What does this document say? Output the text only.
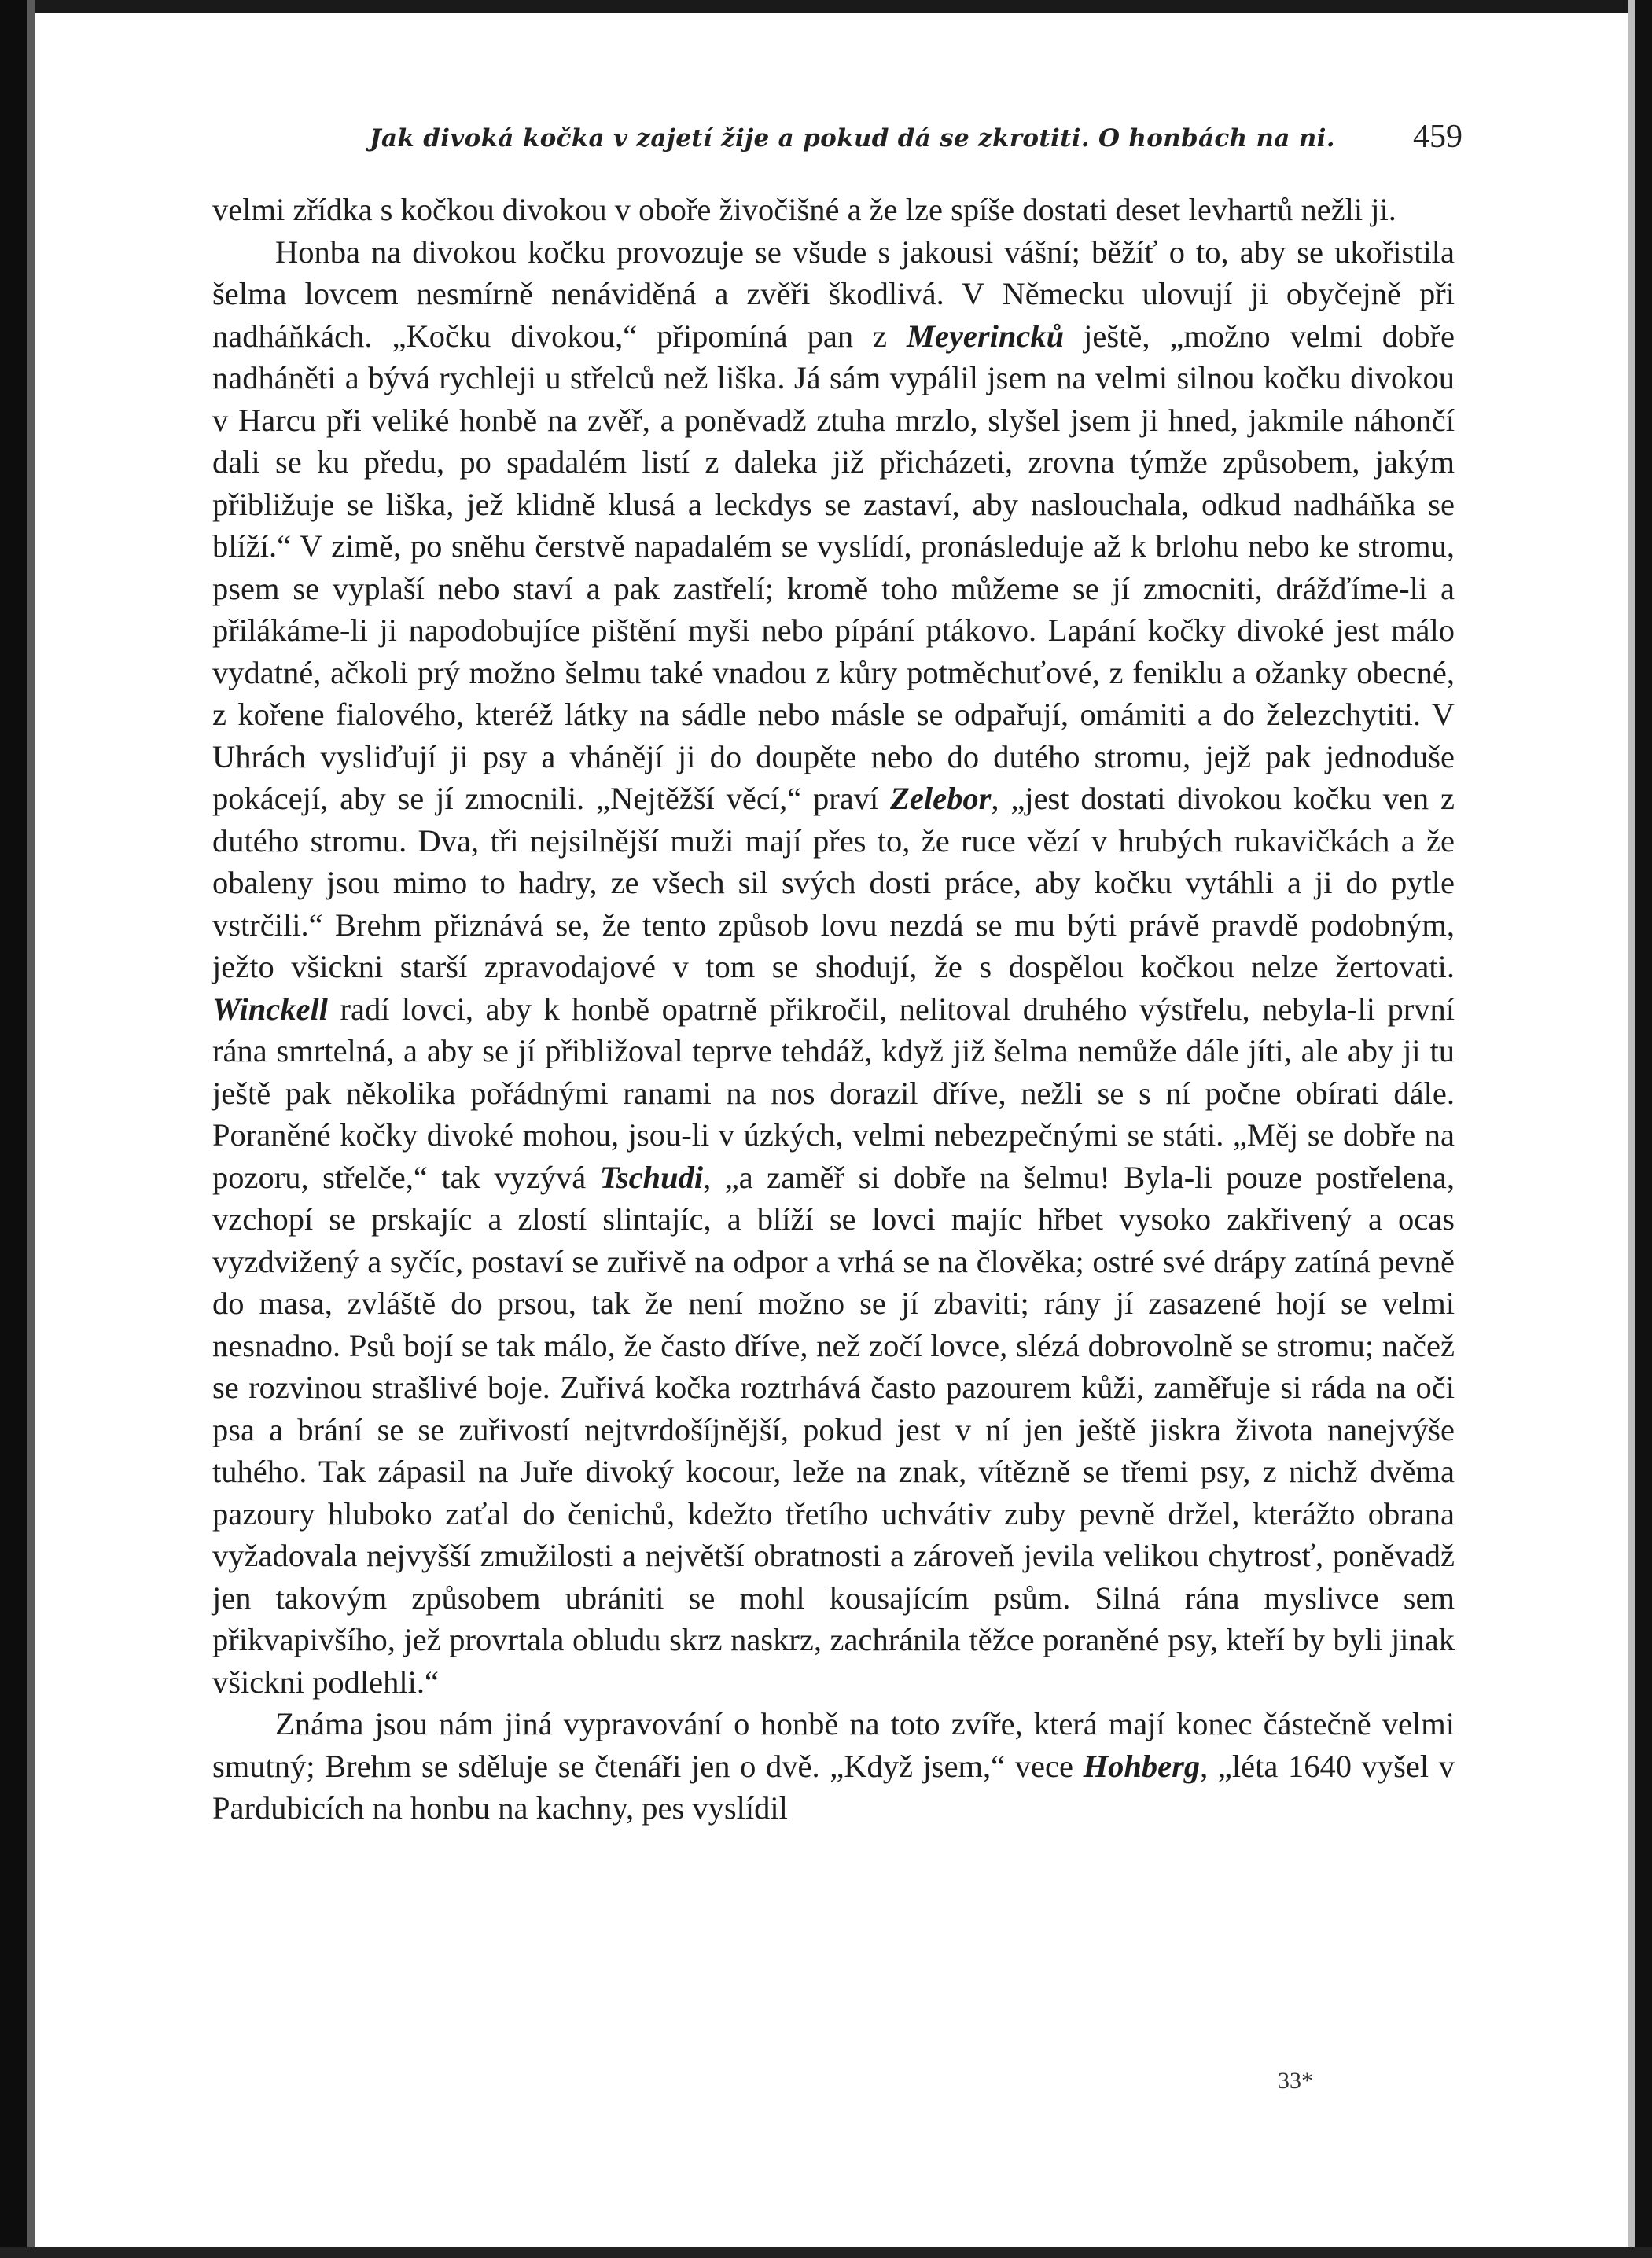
Jak divoká kočka v zajetí žije a pokud dá se zkrotiti. O honbách na ni. 459

velmi zřídka s kočkou divokou v oboře živočišné a že lze spíše dostati deset levhartů nežli ji.

Honba na divokou kočku provozuje se všude s jakousi vášní; běžíť o to, aby se ukořistila šelma lovcem nesmírně nenáviděná a zvěři škodlivá. V Německu ulovují ji obyčejně při nadháňkách. „Kočku divokou,“ připomíná pan z Meyerincků ještě, „možno velmi dobře nadháněti a bývá rychleji u střelců než liška. Já sám vypálil jsem na velmi silnou kočku divokou v Harcu při veliké honbě na zvěř, a poněvadž ztuha mrzlo, slyšel jsem ji hned, jakmile náhončí dali se ku předu, po spadalém listí z daleka již přicházeti, zrovna týmže způsobem, jakým přibližuje se liška, jež klidně klusá a leckdys se zastaví, aby naslouchala, odkud nadháňka se blíží.“ V zimě, po sněhu čerstvě napadalém se vyslídí, pronásleduje až k brlohu nebo ke stromu, psem se vyplaší nebo staví a pak zastřelí; kromě toho můžeme se jí zmocniti, drážďíme-li a přilákáme-li ji napodobujíce pištění myši nebo pípání ptákovo. Lapání kočky divoké jest málo vydatné, ačkoli prý možno šelmu také vnadou z kůry potměchuťové, z feniklu a ožanky obecné, z kořene fialového, kteréž látky na sádle nebo másle se odpařují, omámiti a do železchytiti. V Uhrách vysliďují ji psy a vhánějí ji do doupěte nebo do dutého stromu, jejž pak jednoduše pokácejí, aby se jí zmocnili. „Nejtěžší věcí,“ praví Zelebor, „jest dostati divokou kočku ven z dutého stromu. Dva, tři nejsilnější muži mají přes to, že ruce vězí v hrubých rukavičkách a že obaleny jsou mimo to hadry, ze všech sil svých dosti práce, aby kočku vytáhli a ji do pytle vstrčili.“ Brehm přiznává se, že tento způsob lovu nezdá se mu býti právě pravdě podobným, ježto všickni starší zpravodajové v tom se shodují, že s dospělou kočkou nelze žertovati. Winckell radí lovci, aby k honbě opatrně přikročil, nelitoval druhého výstřelu, nebyla-li první rána smrtelná, a aby se jí přibližoval teprve tehdáž, když již šelma nemůže dále jíti, ale aby ji tu ještě pak několika pořádnými ranami na nos dorazil dříve, nežli se s ní počne obírati dále. Poraněné kočky divoké mohou, jsou-li v úzkých, velmi nebezpečnými se státi. „Měj se dobře na pozoru, střelče,“ tak vyzývá Tschudi, „a zaměř si dobře na šelmu! Byla-li pouze postřelena, vzchopí se prskajíc a zlostí slintajíc, a blíží se lovci majíc hřbet vysoko zakřivený a ocas vyzdvižený a syčíc, postaví se zuřivě na odpor a vrhá se na člověka; ostré své drápy zatíná pevně do masa, zvláště do prsou, tak že není možno se jí zbaviti; rány jí zasazené hojí se velmi nesnadno. Psů bojí se tak málo, že často dříve, než zočí lovce, slézá dobrovolně se stromu; načež se rozvinou strašlivé boje. Zuřivá kočka roztrhává často pazourem kůži, zaměřuje si ráda na oči psa a brání se se zuřivostí nejtvrdošíjnější, pokud jest v ní jen ještě jiskra života nanejvýše tuhého. Tak zápasil na Juře divoký kocour, leže na znak, vítězně se třemi psy, z nichž dvěma pazoury hluboko zaťal do čenichů, kdežto třetího uchvátiv zuby pevně držel, kterážto obrana vyžadovala nejvyšší zmužilosti a největší obratnosti a zároveň jevila velikou chytrosť, poněvadž jen takovým způsobem ubrániti se mohl kousajícím psům. Silná rána myslivce sem přikvapivšího, jež provrtala obludu skrz naskrz, zachránila těžce poraněné psy, kteří by byli jinak všickni podlehli.“

Známa jsou nám jiná vypravování o honbě na toto zvíře, která mají konec částečně velmi smutný; Brehm se sděluje se čtenáři jen o dvě. „Když jsem,“ vece Hohberg, „léta 1640 vyšel v Pardubicích na honbu na kachny, pes vyslídil

33*
